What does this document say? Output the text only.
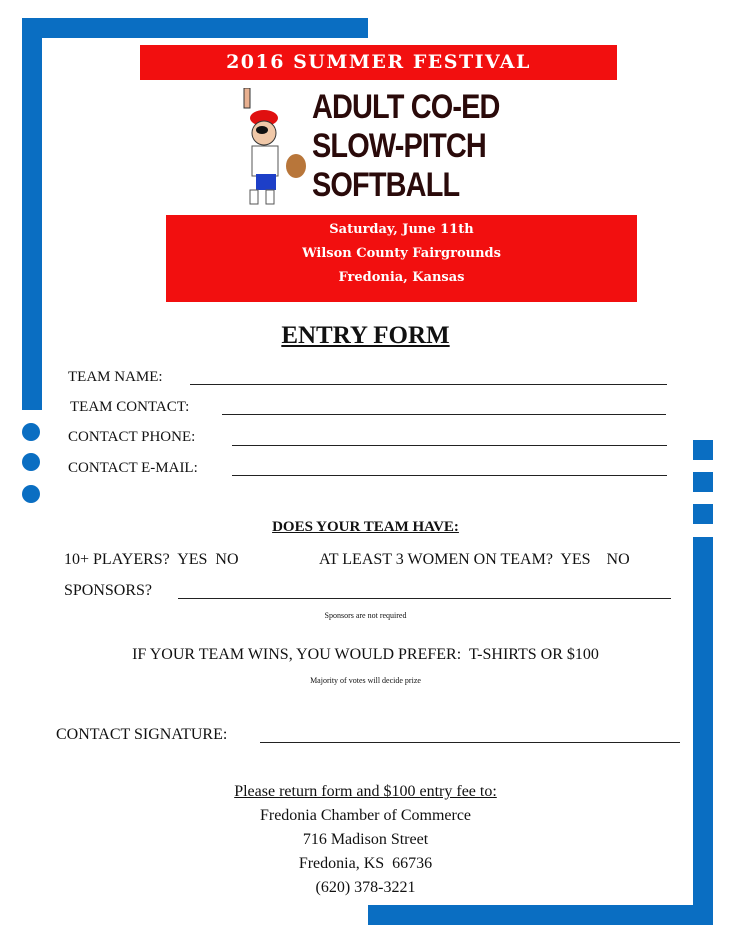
2016 SUMMER FESTIVAL
ADULT CO-ED
SLOW-PITCH
SOFTBALL
Saturday, June 11th
Wilson County Fairgrounds
Fredonia, Kansas
ENTRY FORM
TEAM NAME:
TEAM CONTACT:
CONTACT PHONE:
CONTACT E-MAIL:
DOES YOUR TEAM HAVE:
10+ PLAYERS?  YES  NO	AT LEAST 3 WOMEN ON TEAM?  YES    NO
SPONSORS?
Sponsors are not required
IF YOUR TEAM WINS, YOU WOULD PREFER:  T-SHIRTS OR $100
Majority of votes will decide prize
CONTACT SIGNATURE:
Please return form and $100 entry fee to:
Fredonia Chamber of Commerce
716 Madison Street
Fredonia, KS  66736
(620) 378-3221
